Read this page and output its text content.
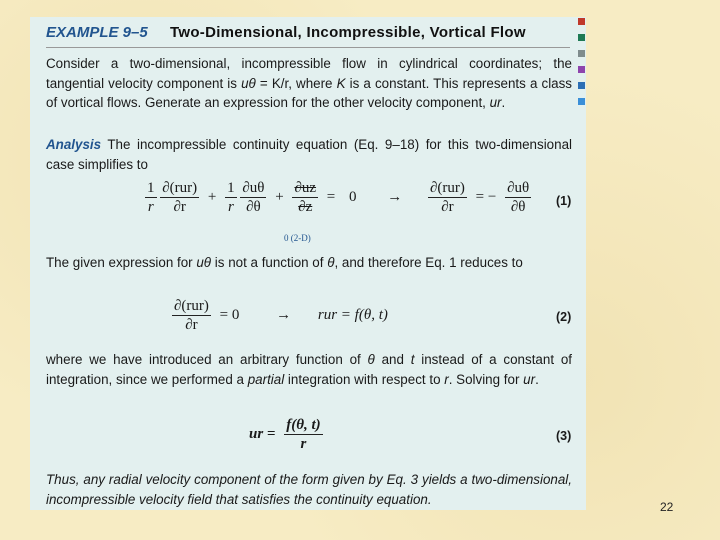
EXAMPLE 9–5 Two-Dimensional, Incompressible, Vortical Flow
Consider a two-dimensional, incompressible flow in cylindrical coordinates; the tangential velocity component is uθ = K/r, where K is a constant. This represents a class of vortical flows. Generate an expression for the other velocity component, ur.
Analysis The incompressible continuity equation (Eq. 9–18) for this two-dimensional case simplifies to
$\frac{1}{r}$
$\frac{\text{∂(rur)}}{\partial r} + \frac{1}{r}$
$\frac{\partial u\theta}{\partial\theta} + \frac{\partial uz}{\partial z} = 0 \to \frac{\text{∂(rur)}}{\partial r}$ = − $\frac{\partial u\theta}{\partial\theta}$
0 (2-D)
(1)
The given expression for uθ is not a function of θ, and therefore Eq. 1 reduces to
$\frac{\text{∂(rur)}}{\partial r} = 0$ → rur = f(θ, t)	(2)
where we have introduced an arbitrary function of θ and t instead of a constant of integration, since we performed a partial integration with respect to r. Solving for ur.
ur = $\frac{f(\theta, t)}{r}$	(3)
Thus, any radial velocity component of the form given by Eq. 3 yields a two-dimensional, incompressible velocity field that satisfies the continuity equation.
22
